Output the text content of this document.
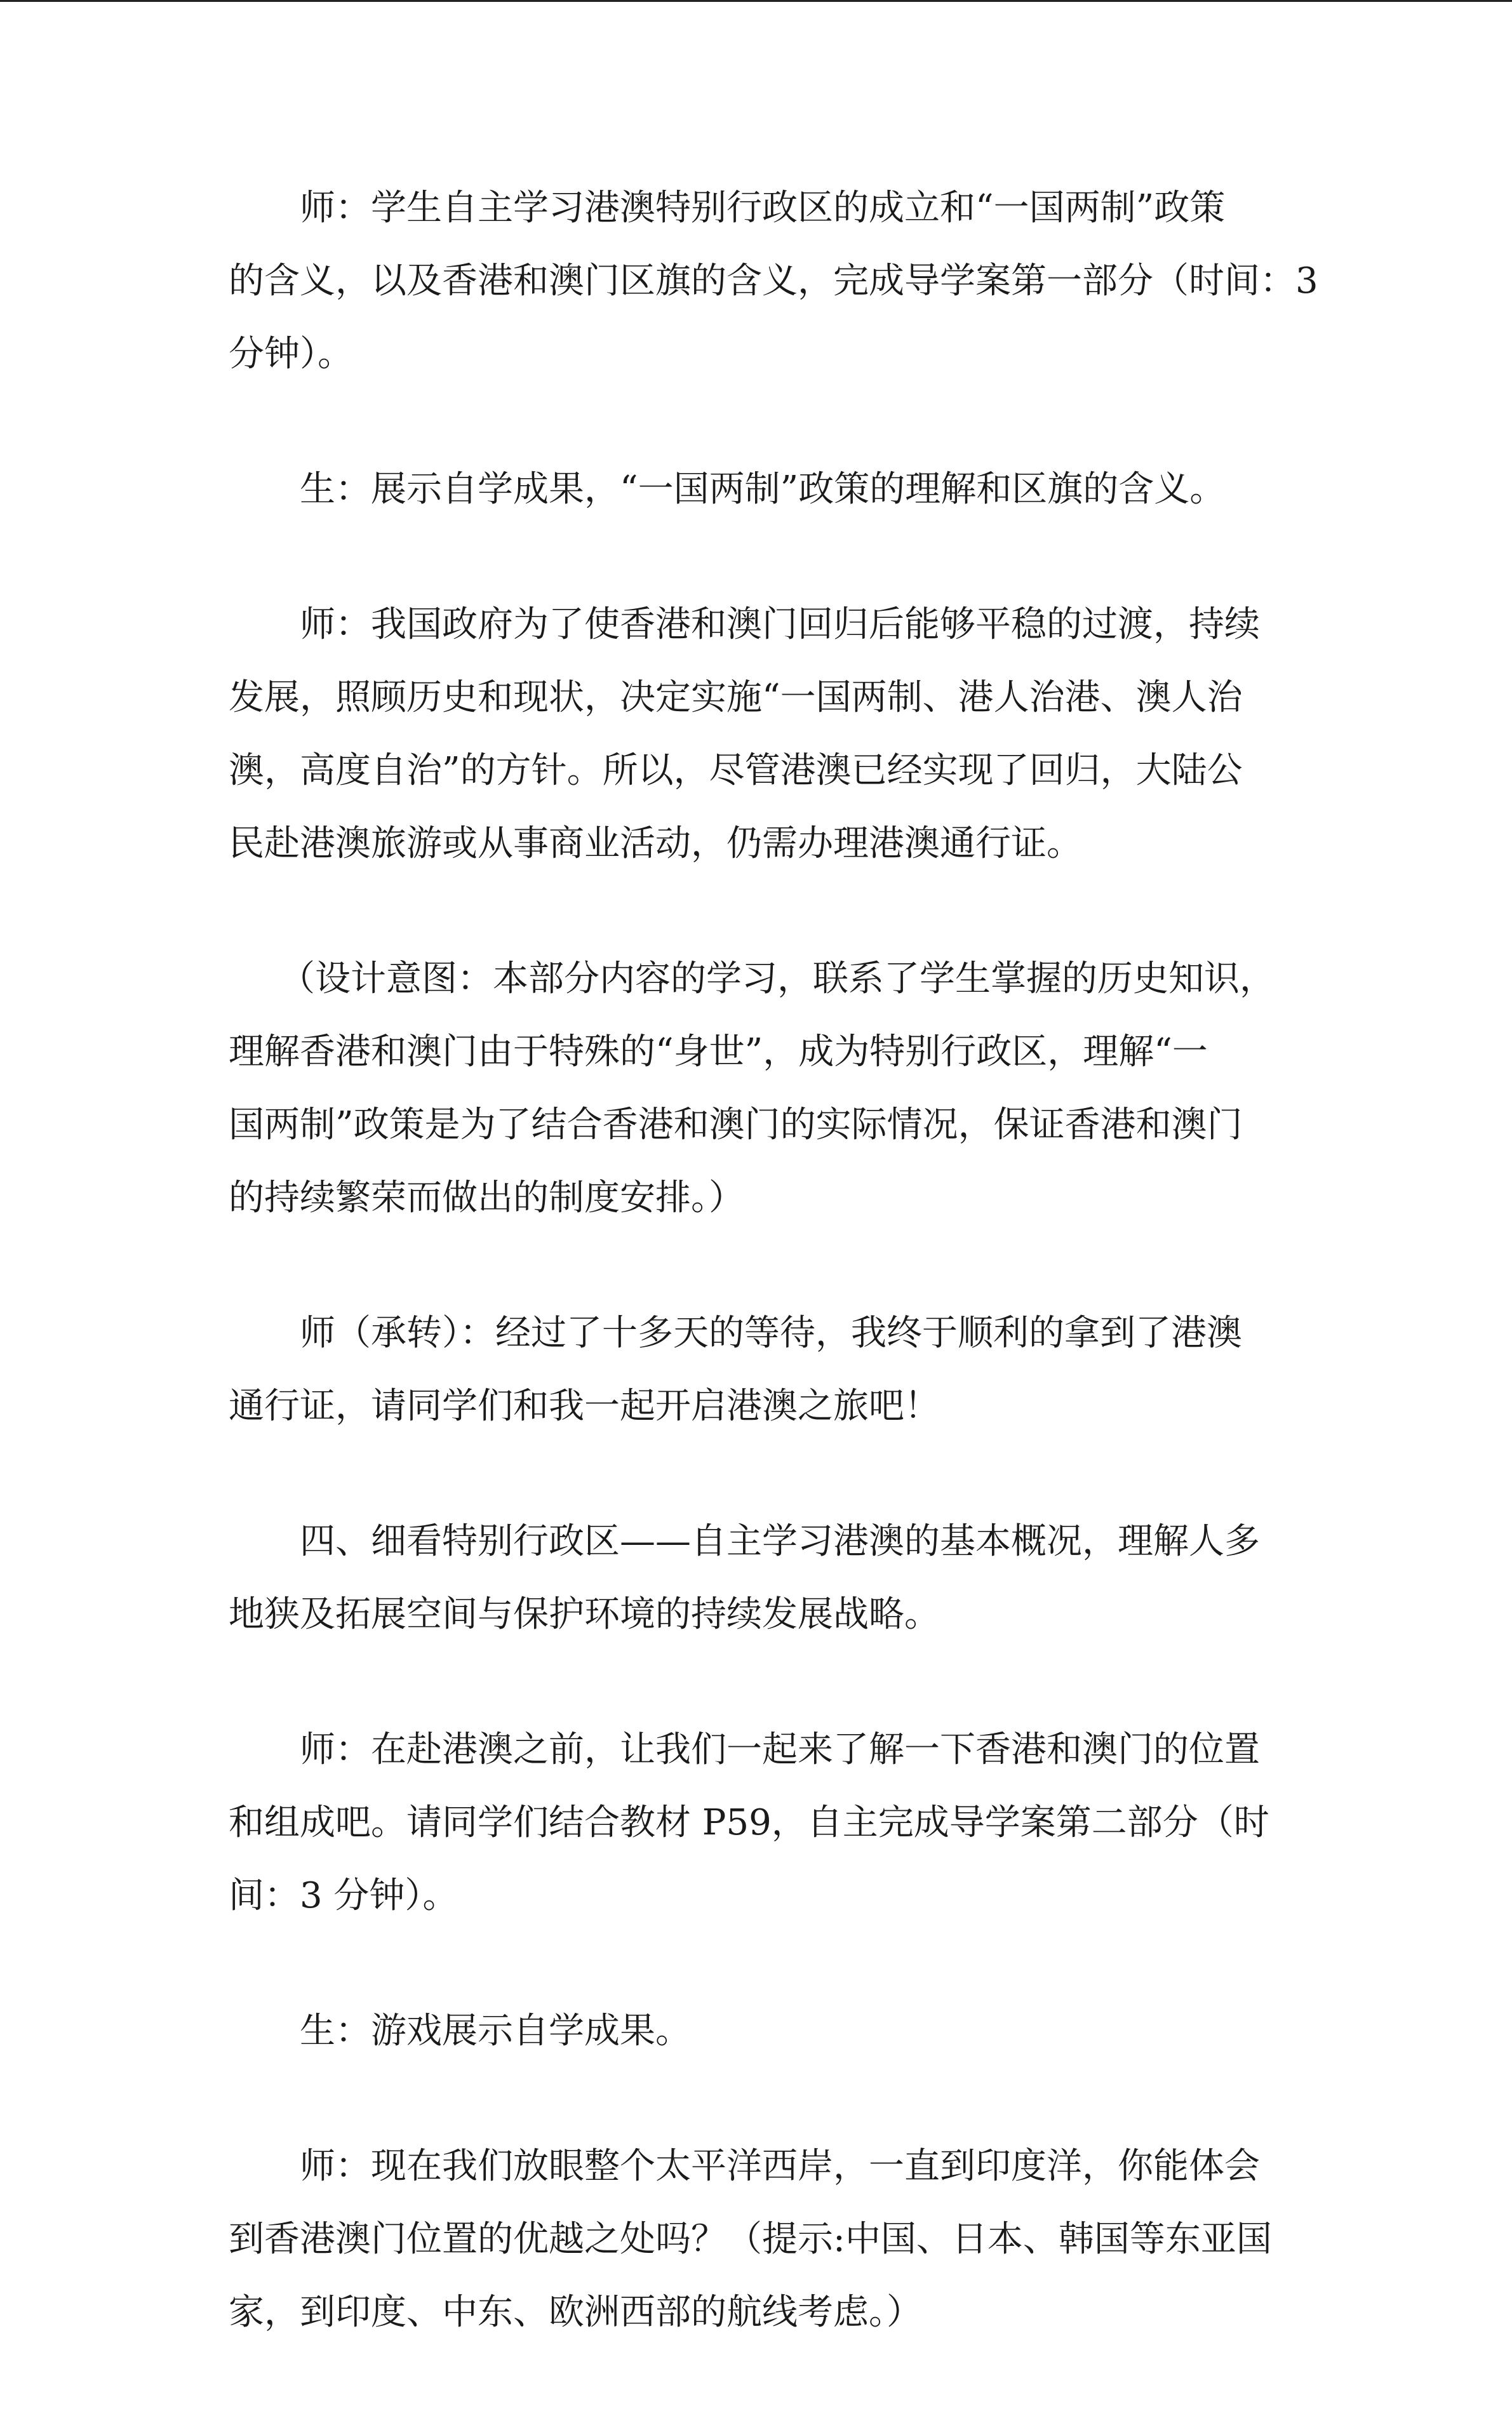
师：学生自主学习港澳特别行政区的成立和“一国两制”政策
的含义，以及香港和澳门区旗的含义，完成导学案第一部分（时间：3
分钟）。
生：展示自学成果，“一国两制”政策的理解和区旗的含义。
师：我国政府为了使香港和澳门回归后能够平稳的过渡，持续
发展，照顾历史和现状，决定实施“一国两制、港人治港、澳人治
澳，高度自治”的方针。所以，尽管港澳已经实现了回归，大陆公
民赴港澳旅游或从事商业活动，仍需办理港澳通行证。
（设计意图：本部分内容的学习，联系了学生掌握的历史知识，
理解香港和澳门由于特殊的“身世”，成为特别行政区，理解“一
国两制”政策是为了结合香港和澳门的实际情况，保证香港和澳门
的持续繁荣而做出的制度安排。）
师（承转）：经过了十多天的等待，我终于顺利的拿到了港澳
通行证，请同学们和我一起开启港澳之旅吧！
四、细看特别行政区——自主学习港澳的基本概况，理解人多
地狭及拓展空间与保护环境的持续发展战略。
师：在赴港澳之前，让我们一起来了解一下香港和澳门的位置
和组成吧。请同学们结合教材 P59，自主完成导学案第二部分（时
间：3 分钟）。
生：游戏展示自学成果。
师：现在我们放眼整个太平洋西岸，一直到印度洋，你能体会
到香港澳门位置的优越之处吗？（提示:中国、日本、韩国等东亚国
家，到印度、中东、欧洲西部的航线考虑。）
